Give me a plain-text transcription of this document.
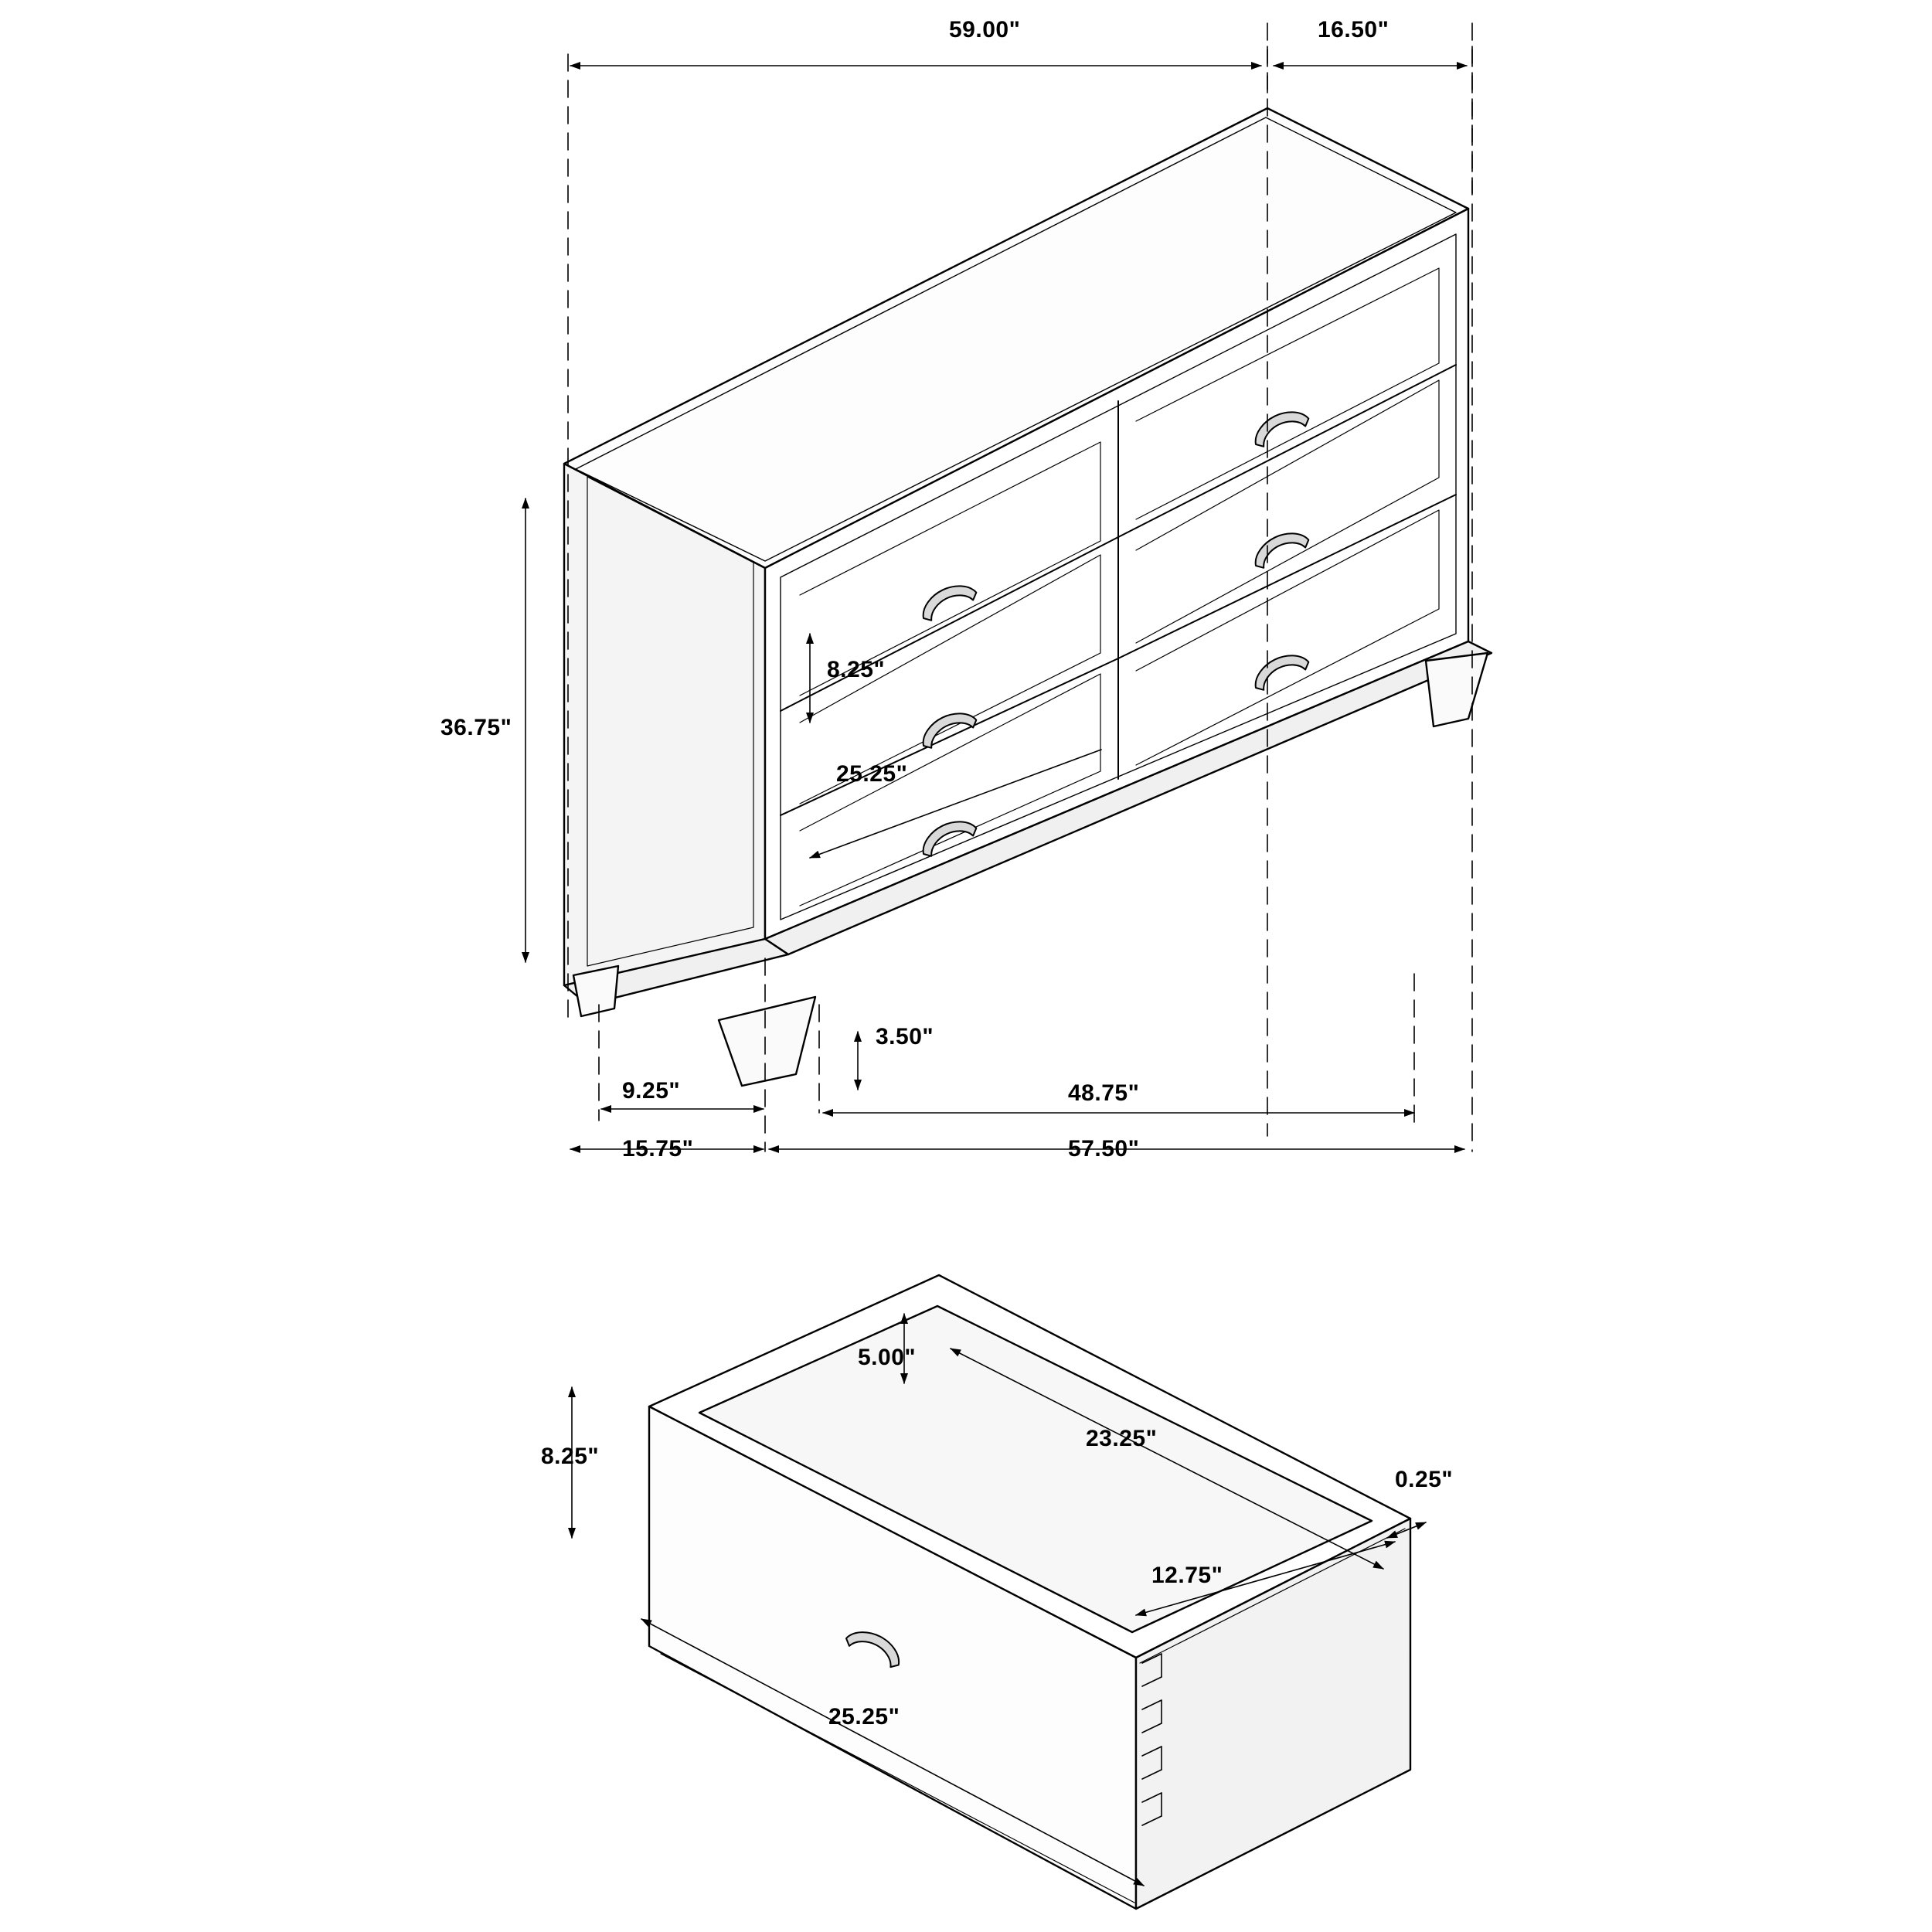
59.00"	16.50"
36.75"
8.25"
25.25"
3.50"
9.25"
15.75"
48.75"
57.50"
5.00"
8.25"
23.25"
0.25"
12.75"
25.25"
